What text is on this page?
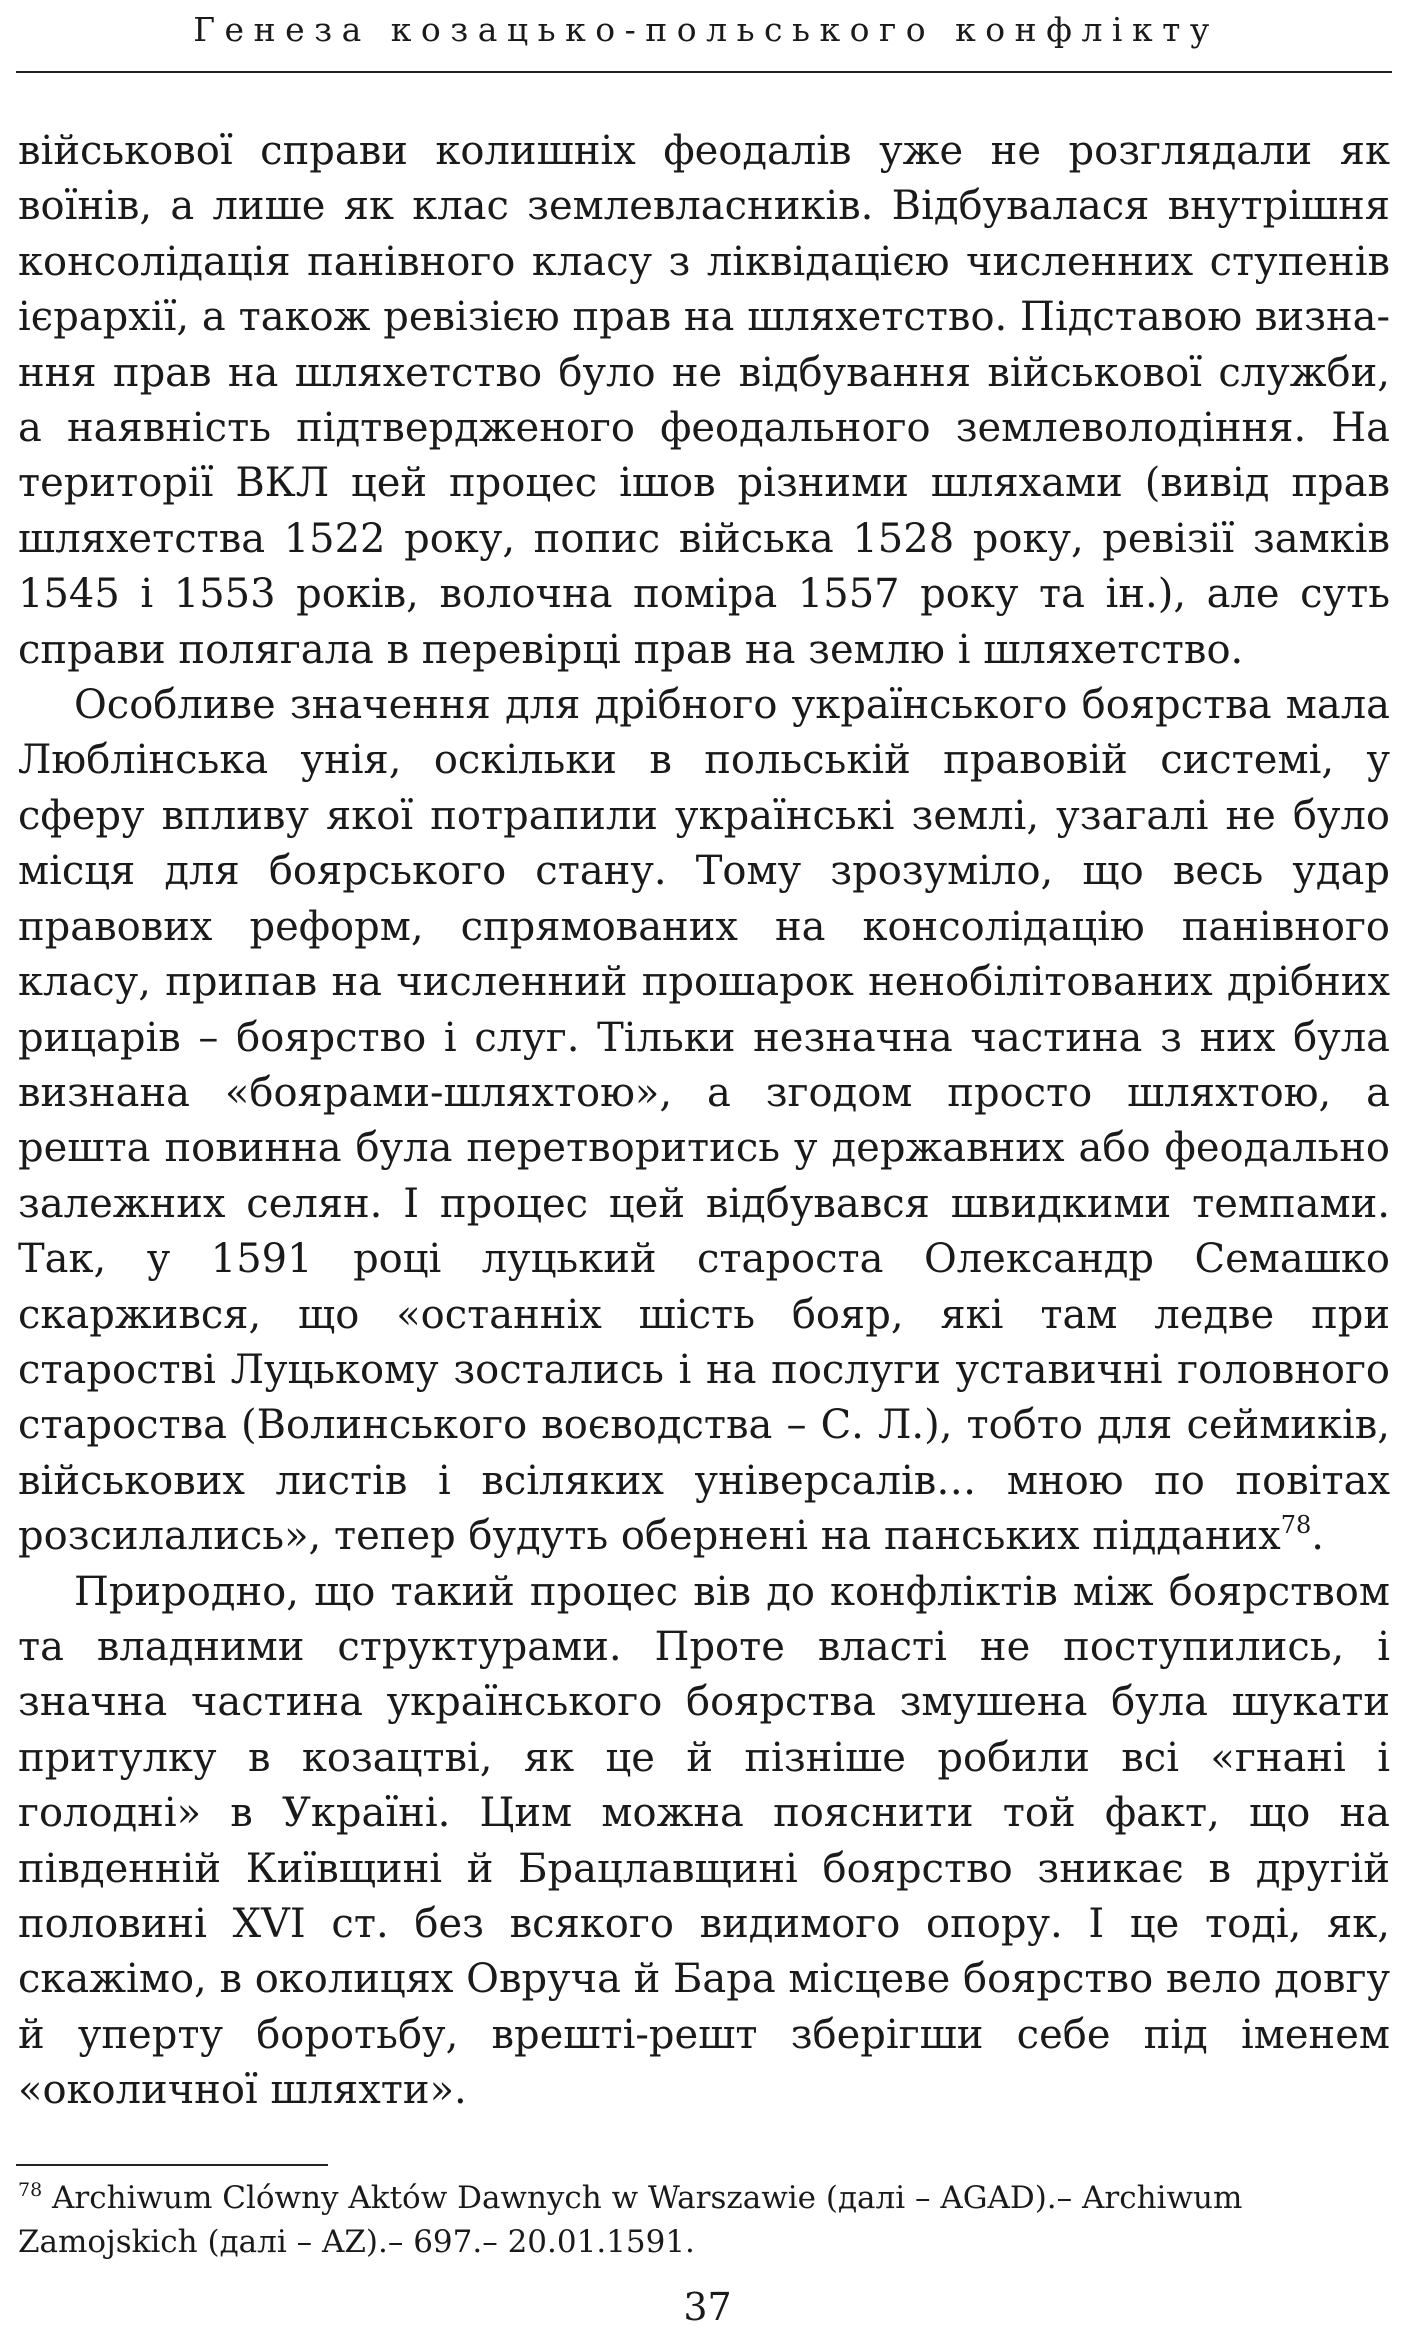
Генеза козацько-польського конфлікту

військової справи колишніх феодалів уже не розглядали як воїнів, а лише як клас землевласників. Відбувалася внутрішня консолідація панівного класу з ліквідацією численних ступенів ієрархії, а також ревізією прав на шляхетство. Підставою визнання прав на шляхетство було не відбування військової служби, а наявність підтвердженого феодального землеволодіння. На території ВКЛ цей процес ішов різними шляхами (вивід прав шляхетства 1522 року, попис війська 1528 року, ревізії замків 1545 і 1553 років, волочна поміра 1557 року та ін.), але суть справи полягала в перевірці прав на землю і шляхетство.

Особливе значення для дрібного українського боярства мала Люблінська унія, оскільки в польській правовій системі, у сферу впливу якої потрапили українські землі, узагалі не було місця для боярського стану. Тому зрозуміло, що весь удар правових реформ, спрямованих на консолідацію панівного класу, припав на численний прошарок ненобілітованих дрібних рицарів – боярство і слуг. Тільки незначна частина з них була визнана «боярами-шляхтою», а згодом просто шляхтою, а решта повинна була перетворитись у державних або феодально залежних селян. І процес цей відбувався швидкими темпами. Так, у 1591 році луцький староста Олександр Семашко скаржився, що «останніх шість бояр, які там ледве при старостві Луцькому зостались і на послуги уставичні головного староства (Волинського воєводства – С. Л.), тобто для сеймиків, військових листів і всіляких універсалів… мною по повітах розсилались», тепер будуть обернені на панських підданих$^{78}$.

Природно, що такий процес вів до конфліктів між боярством та владними структурами. Проте властi не поступились, і значна частина українського боярства змушена була шукати притулку в козацтві, як це й пізніше робили всі «гнані і голодні» в Україні. Цим можна пояснити той факт, що на південній Київщині й Брацлавщині боярство зникає в другій половині XVI ст. без всякого видимого опору. І це тоді, як, скажімо, в околицях Овруча й Бара місцеве боярство вело довгу й уперту боротьбу, врешті-решт зберігши себе під іменем «околичної шляхти».

$^{78}$ Archiwum Clówny Aktów Dawnych w Warszawie (далі – AGAD).– Archiwum Zamojskich (далі – AZ).– 697.– 20.01.1591.
37
